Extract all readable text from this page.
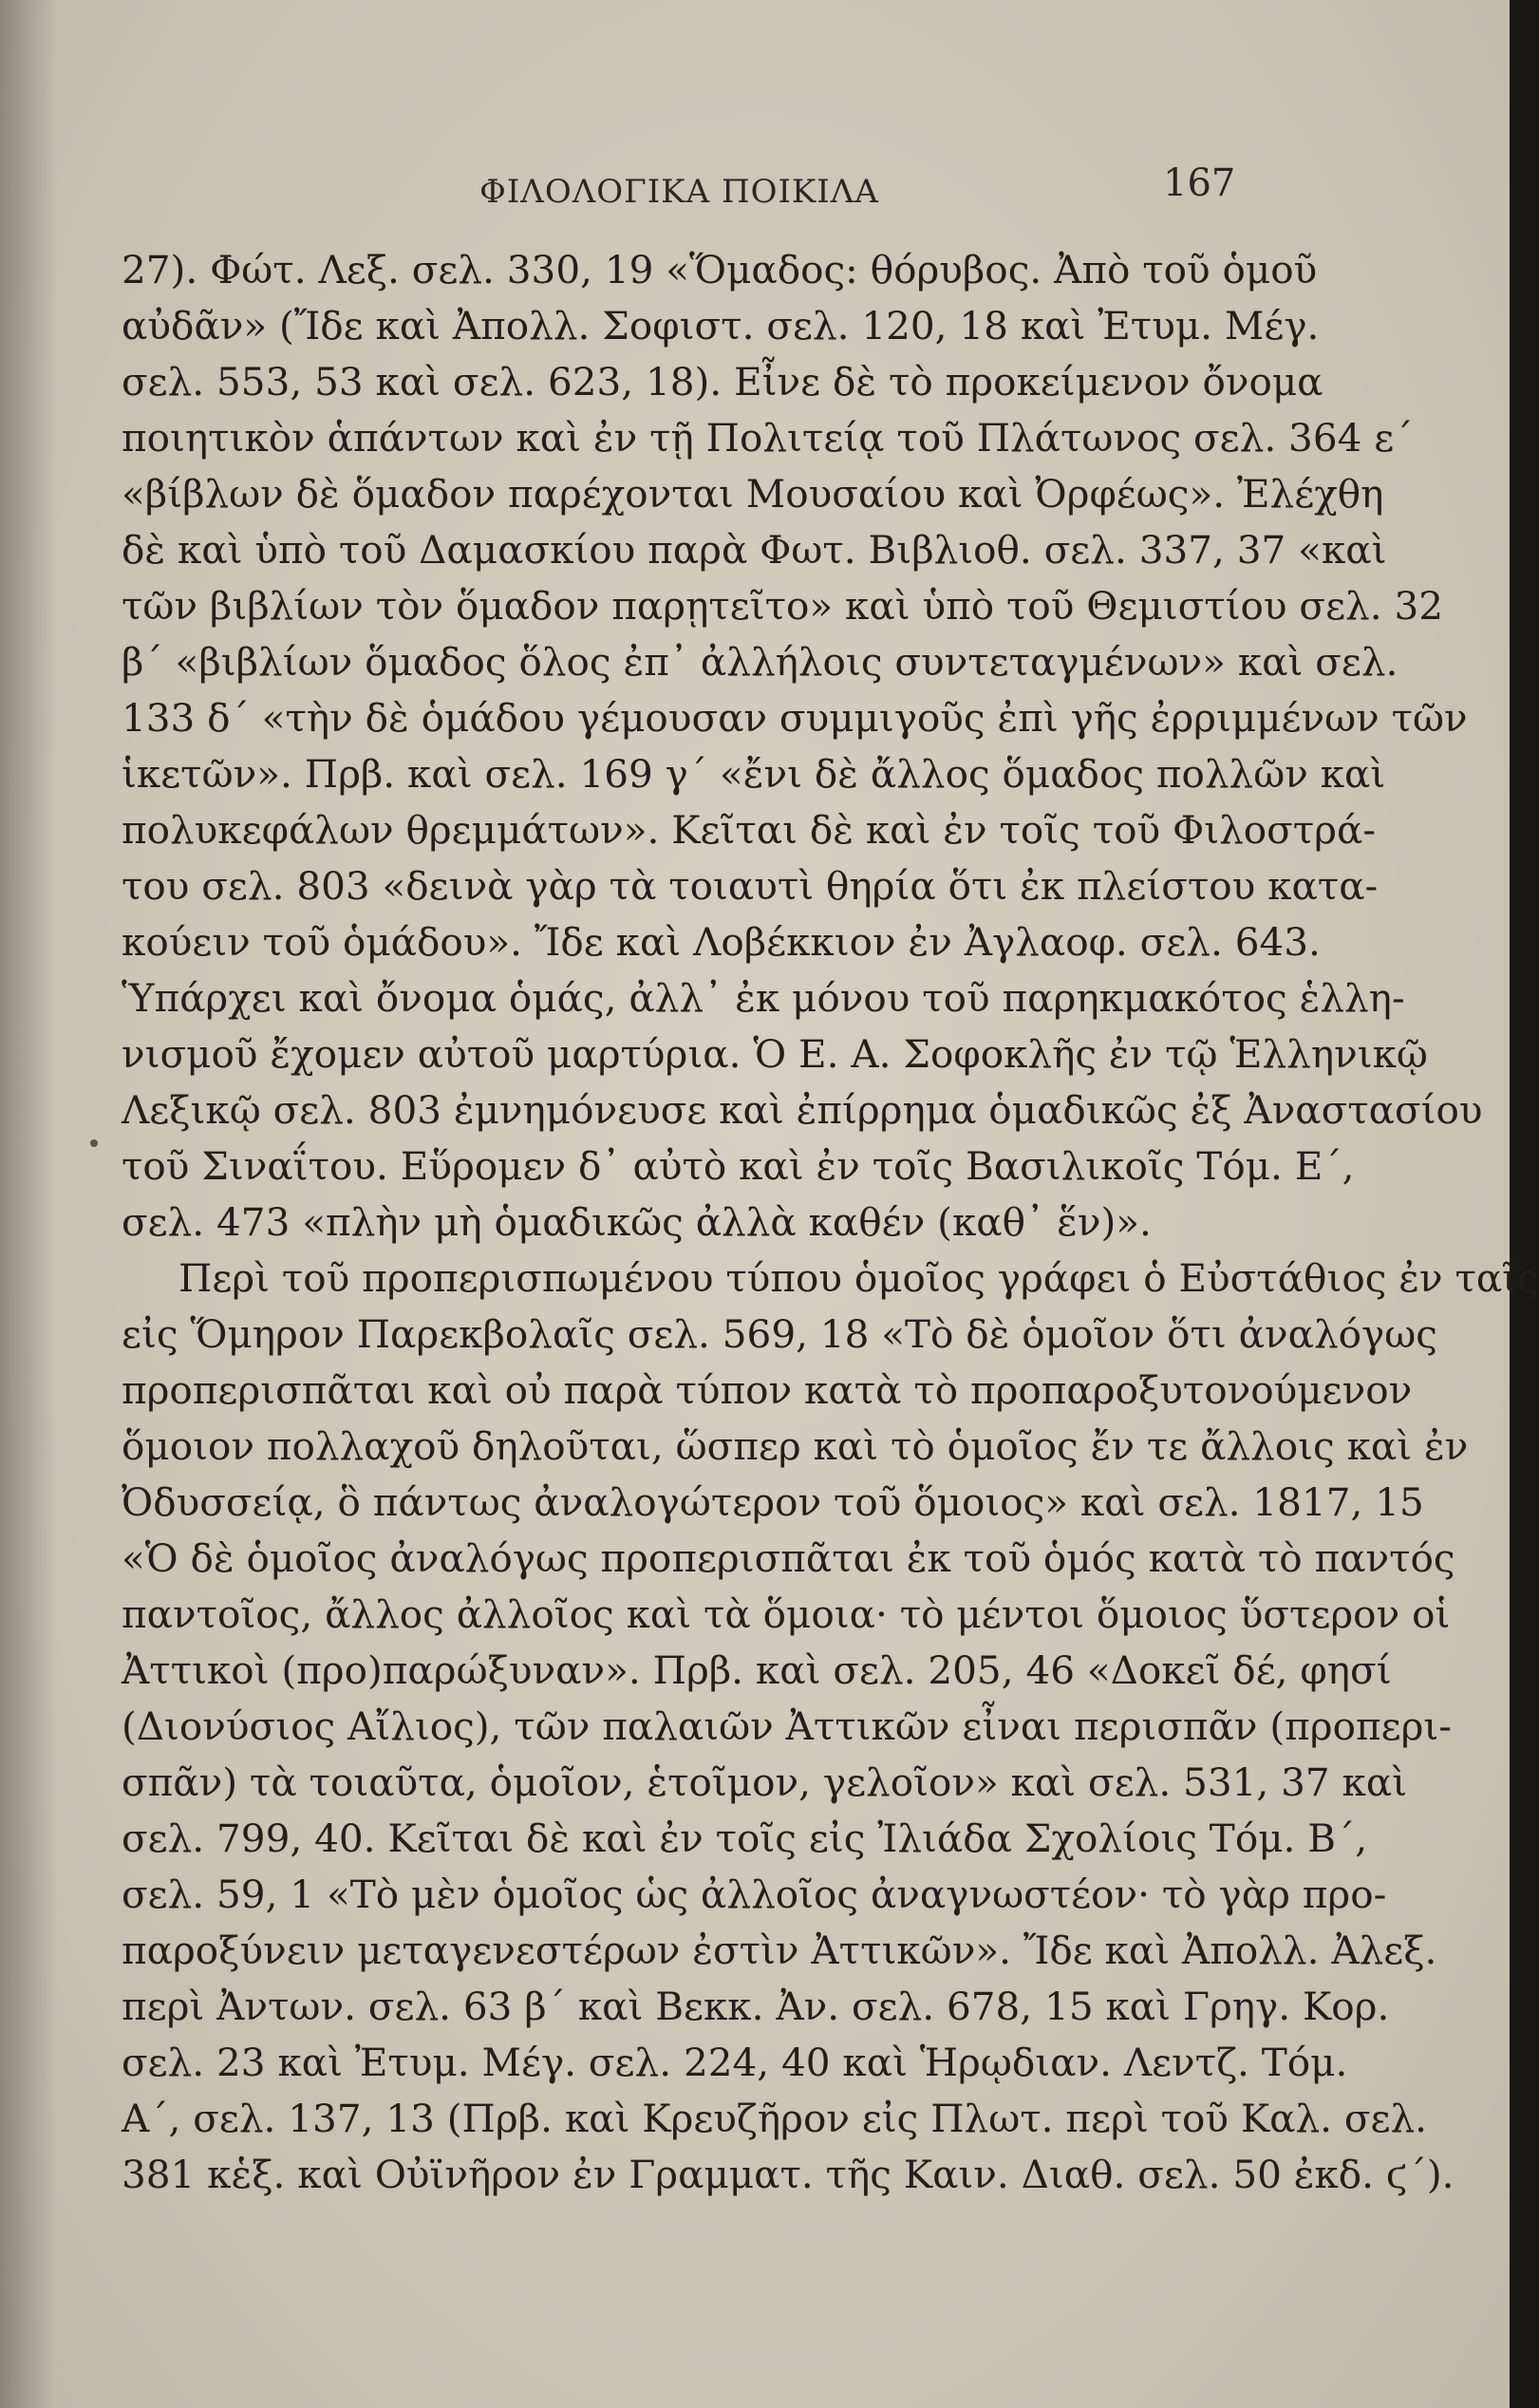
ΦΙΛΟΛΟΓΙΚΑ ΠΟΙΚΙΛΑ	167
27). Φώτ. Λεξ. σελ. 330, 19 «Ὅμαδος: θόρυβος. Ἀπὸ τοῦ ὁμοῦ
αὐδᾶν» (Ἴδε καὶ Ἀπολλ. Σοφιστ. σελ. 120, 18 καὶ Ἐτυμ. Μέγ.
σελ. 553, 53 καὶ σελ. 623, 18). Εἶνε δὲ τὸ προκείμενον ὄνομα
ποιητικὸν ἁπάντων καὶ ἐν τῇ Πολιτείᾳ τοῦ Πλάτωνος σελ. 364 ε΄
«βίβλων δὲ ὅμαδον παρέχονται Μουσαίου καὶ Ὀρφέως». Ἐλέχθη
δὲ καὶ ὑπὸ τοῦ Δαμασκίου παρὰ Φωτ. Βιβλιοθ. σελ. 337, 37 «καὶ
τῶν βιβλίων τὸν ὅμαδον παρῃτεῖτο» καὶ ὑπὸ τοῦ Θεμιστίου σελ. 32
β΄ «βιβλίων ὅμαδος ὅλος ἐπ᾿ ἀλλήλοις συντεταγμένων» καὶ σελ.
133 δ΄ «τὴν δὲ ὁμάδου γέμουσαν συμμιγοῦς ἐπὶ γῆς ἐρριμμένων τῶν
ἱκετῶν». Πρβ. καὶ σελ. 169 γ΄ «ἔνι δὲ ἄλλος ὅμαδος πολλῶν καὶ
πολυκεφάλων θρεμμάτων». Κεῖται δὲ καὶ ἐν τοῖς τοῦ Φιλοστρά-
του σελ. 803 «δεινὰ γὰρ τὰ τοιαυτὶ θηρία ὅτι ἐκ πλείστου κατα-
κούειν τοῦ ὁμάδου». Ἴδε καὶ Λοβέκκιον ἐν Ἀγλαοφ. σελ. 643.
Ὑπάρχει καὶ ὄνομα ὁμάς, ἀλλ᾿ ἐκ μόνου τοῦ παρηκμακότος ἑλλη-
νισμοῦ ἔχομεν αὐτοῦ μαρτύρια. Ὁ Ε. Α. Σοφοκλῆς ἐν τῷ Ἑλληνικῷ
Λεξικῷ σελ. 803 ἐμνημόνευσε καὶ ἐπίρρημα ὁμαδικῶς ἐξ Ἀναστασίου
τοῦ Σιναΐτου. Εὕρομεν δ᾿ αὐτὸ καὶ ἐν τοῖς Βασιλικοῖς Τόμ. Ε΄,
σελ. 473 «πλὴν μὴ ὁμαδικῶς ἀλλὰ καθέν (καθ᾿ ἕν)».
Περὶ τοῦ προπερισπωμένου τύπου ὁμοῖος γράφει ὁ Εὐστάθιος ἐν ταῖς
εἰς Ὅμηρον Παρεκβολαῖς σελ. 569, 18 «Τὸ δὲ ὁμοῖον ὅτι ἀναλόγως
προπερισπᾶται καὶ οὐ παρὰ τύπον κατὰ τὸ προπαροξυτονούμενον
ὅμοιον πολλαχοῦ δηλοῦται, ὥσπερ καὶ τὸ ὁμοῖος ἔν τε ἄλλοις καὶ ἐν
Ὀδυσσείᾳ, ὃ πάντως ἀναλογώτερον τοῦ ὅμοιος» καὶ σελ. 1817, 15
«Ὁ δὲ ὁμοῖος ἀναλόγως προπερισπᾶται ἐκ τοῦ ὁμός κατὰ τὸ παντός
παντοῖος, ἄλλος ἀλλοῖος καὶ τὰ ὅμοια· τὸ μέντοι ὅμοιος ὕστερον οἱ
Ἀττικοὶ (προ)παρώξυναν». Πρβ. καὶ σελ. 205, 46 «Δοκεῖ δέ, φησί
(Διονύσιος Αἴλιος), τῶν παλαιῶν Ἀττικῶν εἶναι περισπᾶν (προπερι-
σπᾶν) τὰ τοιαῦτα, ὁμοῖον, ἑτοῖμον, γελοῖον» καὶ σελ. 531, 37 καὶ
σελ. 799, 40. Κεῖται δὲ καὶ ἐν τοῖς εἰς Ἰλιάδα Σχολίοις Τόμ. Β΄,
σελ. 59, 1 «Τὸ μὲν ὁμοῖος ὡς ἀλλοῖος ἀναγνωστέον· τὸ γὰρ προ-
παροξύνειν μεταγενεστέρων ἐστὶν Ἀττικῶν». Ἴδε καὶ Ἀπολλ. Ἀλεξ.
περὶ Ἀντων. σελ. 63 β΄ καὶ Βεκκ. Ἀν. σελ. 678, 15 καὶ Γρηγ. Κορ.
σελ. 23 καὶ Ἐτυμ. Μέγ. σελ. 224, 40 καὶ Ἡρῳδιαν. Λεντζ. Τόμ.
Α΄, σελ. 137, 13 (Πρβ. καὶ Κρευζῆρον εἰς Πλωτ. περὶ τοῦ Καλ. σελ.
381 κἑξ. καὶ Οὐϊνῆρον ἐν Γραμματ. τῆς Καιν. Διαθ. σελ. 50 ἐκδ. ϛ΄).
